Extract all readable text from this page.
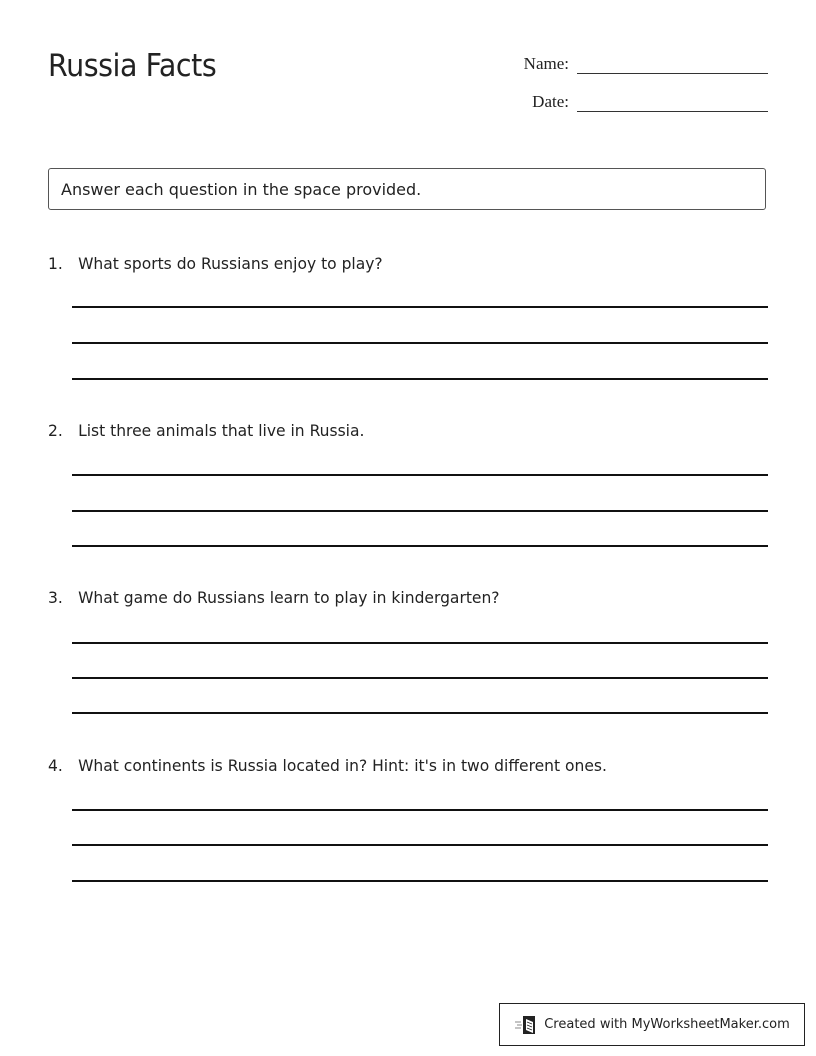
Russia Facts	Name:
Date:
Answer each question in the space provided.
1. What sports do Russians enjoy to play?
2. List three animals that live in Russia.
3. What game do Russians learn to play in kindergarten?
4. What continents is Russia located in? Hint: it's in two different ones.
Created with MyWorksheetMaker.com
